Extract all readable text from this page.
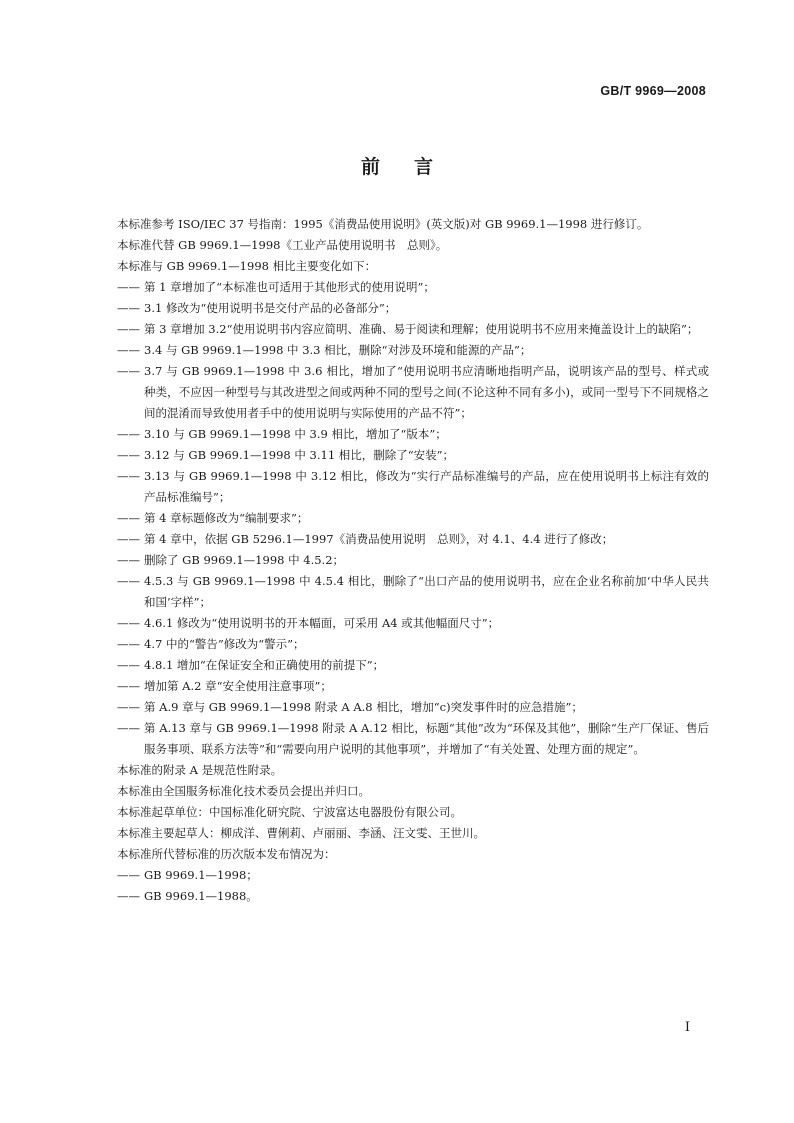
GB/T 9969—2008
前言
本标准参考 ISO/IEC 37 号指南：1995《消费品使用说明》(英文版)对 GB 9969.1—1998 进行修订。
本标准代替 GB 9969.1—1998《工业产品使用说明书　总则》。
本标准与 GB 9969.1—1998 相比主要变化如下：
—— 第 1 章增加了“本标准也可适用于其他形式的使用说明”；
—— 3.1 修改为“使用说明书是交付产品的必备部分”；
—— 第 3 章增加 3.2“使用说明书内容应简明、准确、易于阅读和理解；使用说明书不应用来掩盖设计上的缺陷”；
—— 3.4 与 GB 9969.1—1998 中 3.3 相比，删除“对涉及环境和能源的产品”；
—— 3.7 与 GB 9969.1—1998 中 3.6 相比，增加了“使用说明书应清晰地指明产品，说明该产品的型号、样式或种类，不应因一种型号与其改进型之间或两种不同的型号之间(不论这种不同有多小)，或同一型号下不同规格之间的混淆而导致使用者手中的使用说明与实际使用的产品不符”；
—— 3.10 与 GB 9969.1—1998 中 3.9 相比，增加了“版本”；
—— 3.12 与 GB 9969.1—1998 中 3.11 相比，删除了“安装”；
—— 3.13 与 GB 9969.1—1998 中 3.12 相比，修改为“实行产品标准编号的产品，应在使用说明书上标注有效的产品标准编号”；
—— 第 4 章标题修改为“编制要求”；
—— 第 4 章中，依据 GB 5296.1—1997《消费品使用说明　总则》，对 4.1、4.4 进行了修改；
—— 删除了 GB 9969.1—1998 中 4.5.2；
—— 4.5.3 与 GB 9969.1—1998 中 4.5.4 相比，删除了“出口产品的使用说明书，应在企业名称前加‘中华人民共和国’字样”；
—— 4.6.1 修改为“使用说明书的开本幅面，可采用 A4 或其他幅面尺寸”；
—— 4.7 中的“警告”修改为“警示”；
—— 4.8.1 增加“在保证安全和正确使用的前提下”；
—— 增加第 A.2 章“安全使用注意事项”；
—— 第 A.9 章与 GB 9969.1—1998 附录 A A.8 相比，增加“c)突发事件时的应急措施”；
—— 第 A.13 章与 GB 9969.1—1998 附录 A A.12 相比，标题“其他”改为“环保及其他”，删除“生产厂保证、售后服务事项、联系方法等”和“需要向用户说明的其他事项”，并增加了“有关处置、处理方面的规定”。
本标准的附录 A 是规范性附录。
本标准由全国服务标准化技术委员会提出并归口。
本标准起草单位：中国标准化研究院、宁波富达电器股份有限公司。
本标准主要起草人：柳成洋、曹俐莉、卢丽丽、李涵、汪文雯、王世川。
本标准所代替标准的历次版本发布情况为：
—— GB 9969.1—1998；
—— GB 9969.1—1988。
I
